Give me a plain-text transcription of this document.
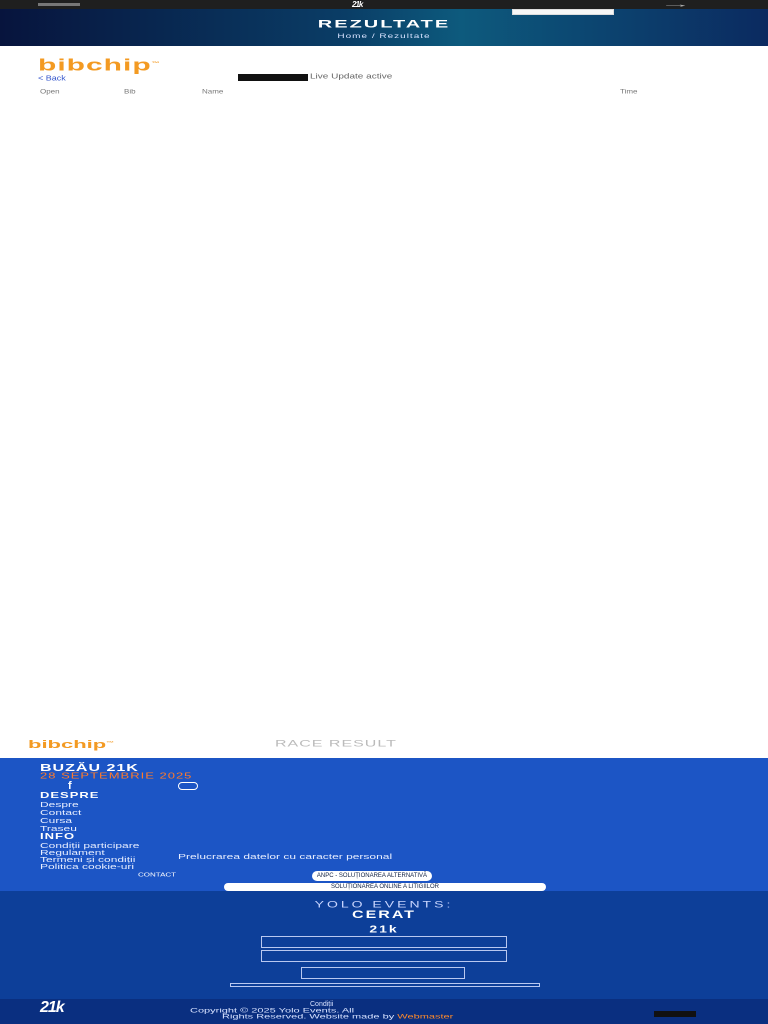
21k	→
REZULTATE
Home / Rezultate
bibchip™
< Back	Live Update active
Open	Bib	Name	Time
bibchip™	RACE RESULT
BUZĂU 21K
28 SEPTEMBRIE 2025
f
DESPRE
Despre
Contact
Cursa
Traseu
INFO
Condiții participare
Regulament
Termeni și condiții	Prelucrarea datelor cu caracter personal
Politica cookie-uri
CONTACT	ANPC - SOLUȚIONAREA ALTERNATIVĂ
SOLUȚIONAREA ONLINE A LITIGIILOR
YOLO EVENTS:
CERAT
21k
21k	Condiții
Copyright © 2025 Yolo Events. All
Rights Reserved. Website made by Webmaster
